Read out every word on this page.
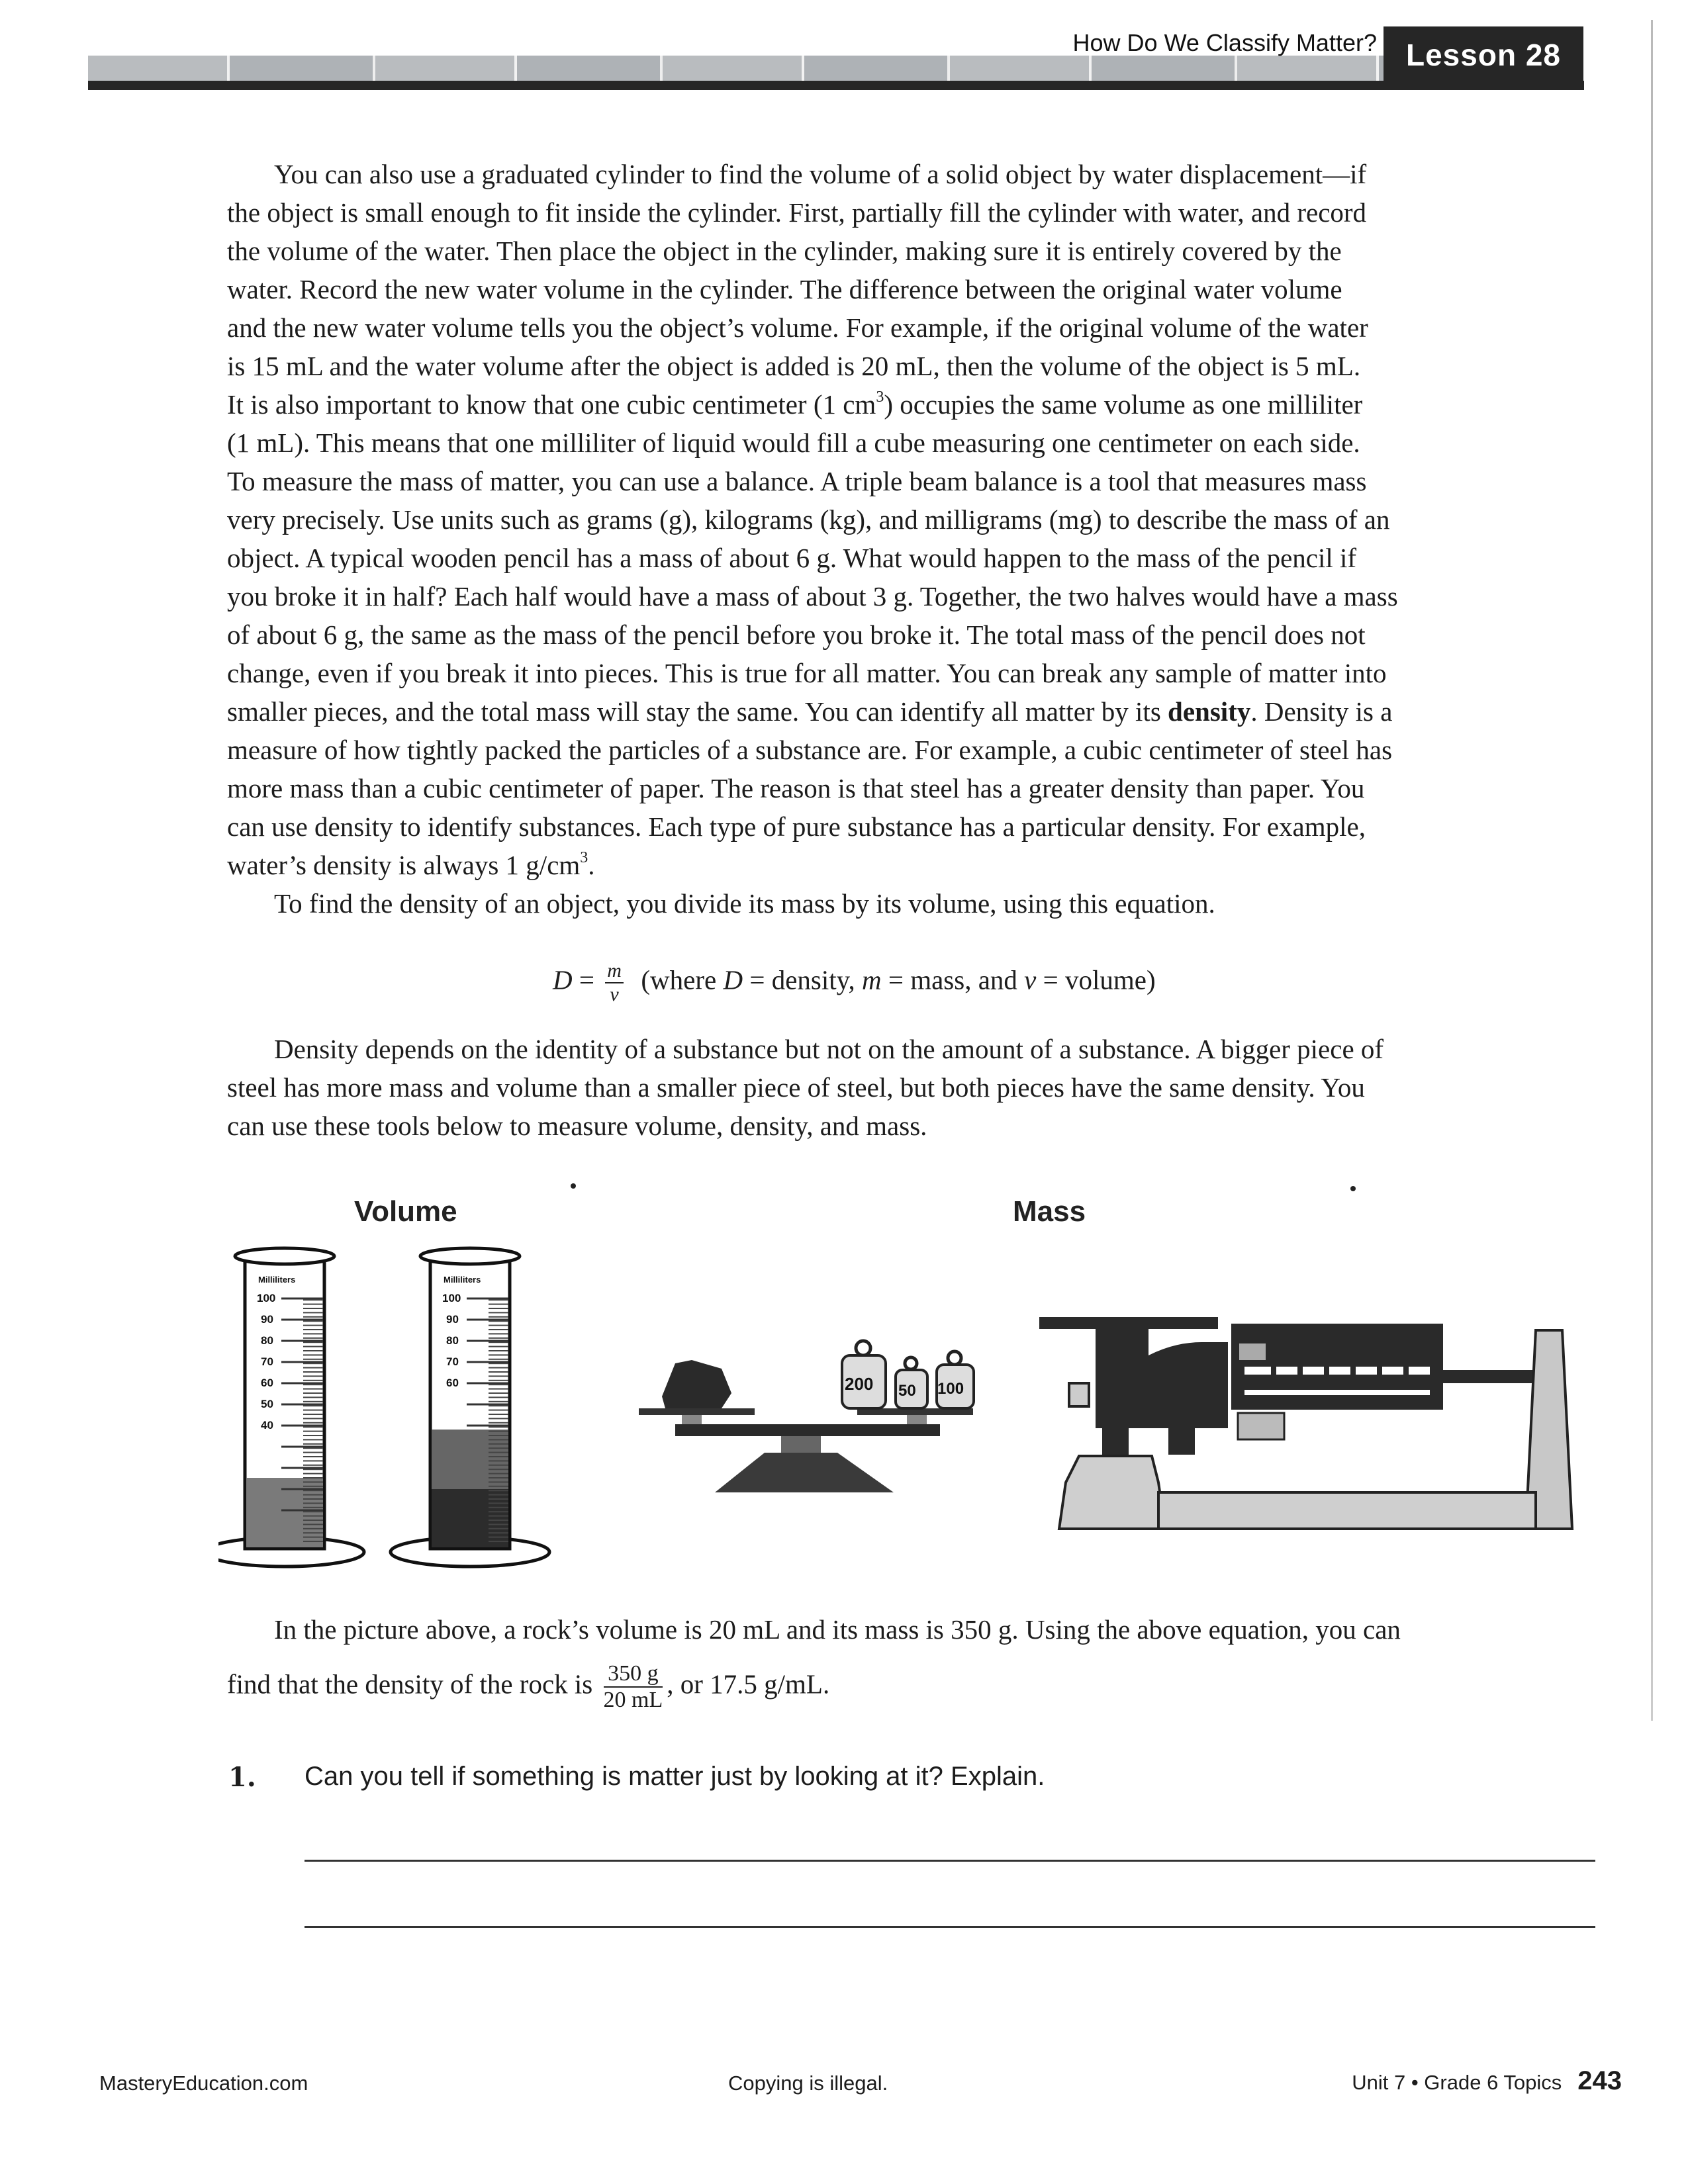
How Do We Classify Matter? Lesson 28
You can also use a graduated cylinder to find the volume of a solid object by water displacement—if
the object is small enough to fit inside the cylinder. First, partially fill the cylinder with water, and record
the volume of the water. Then place the object in the cylinder, making sure it is entirely covered by the
water. Record the new water volume in the cylinder. The difference between the original water volume
and the new water volume tells you the object’s volume. For example, if the original volume of the water
is 15 mL and the water volume after the object is added is 20 mL, then the volume of the object is 5 mL.
It is also important to know that one cubic centimeter (1 $cm^3$) occupies the same volume as one milliliter
(1 mL). This means that one milliliter of liquid would fill a cube measuring one centimeter on each side.
To measure the mass of matter, you can use a balance. A triple beam balance is a tool that measures mass
very precisely. Use units such as grams (g), kilograms (kg), and milligrams (mg) to describe the mass of an
object. A typical wooden pencil has a mass of about 6 g. What would happen to the mass of the pencil if
you broke it in half? Each half would have a mass of about 3 g. Together, the two halves would have a mass
of about 6 g, the same as the mass of the pencil before you broke it. The total mass of the pencil does not
change, even if you break it into pieces. This is true for all matter. You can break any sample of matter into
smaller pieces, and the total mass will stay the same. You can identify all matter by its density. Density is a
measure of how tightly packed the particles of a substance are. For example, a cubic centimeter of steel has
more mass than a cubic centimeter of paper. The reason is that steel has a greater density than paper. You
can use density to identify substances. Each type of pure substance has a particular density. For example,
water’s density is always 1 $g/cm^3$.
To find the density of an object, you divide its mass by its volume, using this equation.
$D = \frac{m}{v}$ (where D = density, m = mass, and v = volume)
Density depends on the identity of a substance but not on the amount of a substance. A bigger piece of
steel has more mass and volume than a smaller piece of steel, but both pieces have the same density. You
can use these tools below to measure volume, density, and mass.
Volume	Mass
Milliliters
100
90
80
70
60
50
40
Milliliters
100
90
80
70
60	200 50 100
In the picture above, a rock’s volume is 20 mL and its mass is 350 g. Using the above equation, you can
find that the density of the rock is $\frac{350 g}{20 mL}$ , or 17.5 g/mL.
1. Can you tell if something is matter just by looking at it? Explain.
MasteryEducation.com	Copying is illegal.	Unit 7 • Grade 6 Topics 243
